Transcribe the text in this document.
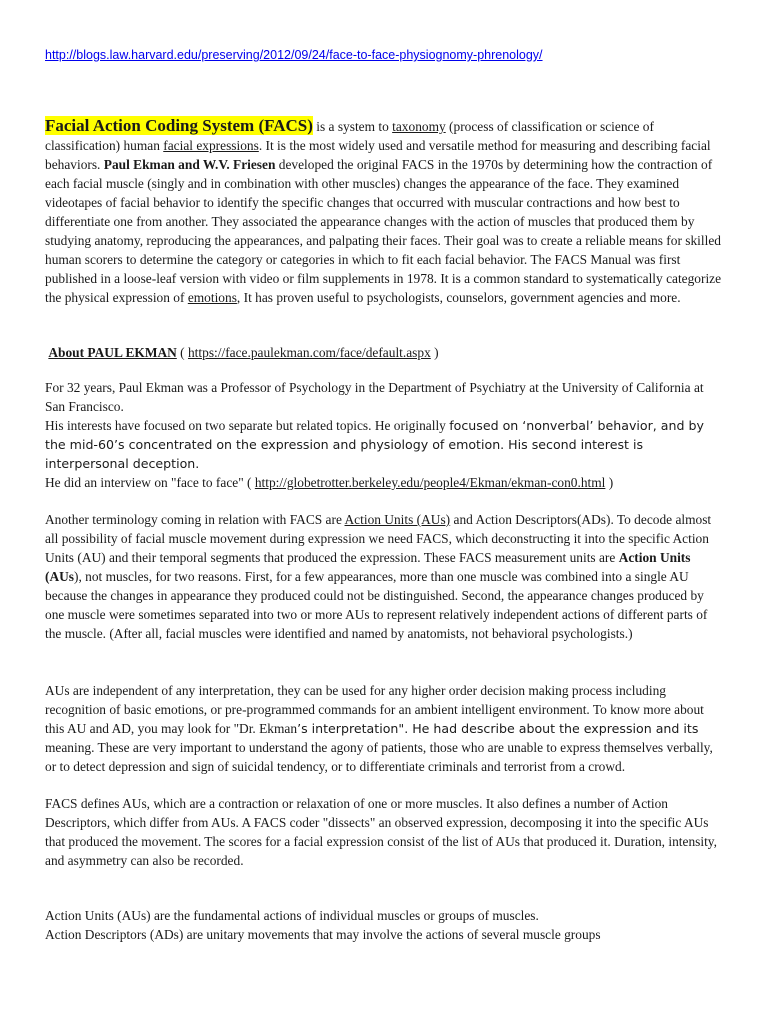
http://blogs.law.harvard.edu/preserving/2012/09/24/face-to-face-physiognomy-phrenology/

Facial Action Coding System (FACS) is a system to taxonomy (process of classification or science of classification) human facial expressions. It is the most widely used and versatile method for measuring and describing facial behaviors. Paul Ekman and W.V. Friesen developed the original FACS in the 1970s by determining how the contraction of each facial muscle (singly and in combination with other muscles) changes the appearance of the face. They examined videotapes of facial behavior to identify the specific changes that occurred with muscular contractions and how best to differentiate one from another. They associated the appearance changes with the action of muscles that produced them by studying anatomy, reproducing the appearances, and palpating their faces. Their goal was to create a reliable means for skilled human scorers to determine the category or categories in which to fit each facial behavior. The FACS Manual was first published in a loose-leaf version with video or film supplements in 1978. It is a common standard to systematically categorize the physical expression of emotions, It has proven useful to psychologists, counselors, government agencies and more.

About PAUL EKMAN ( https://face.paulekman.com/face/default.aspx )

For 32 years, Paul Ekman was a Professor of Psychology in the Department of Psychiatry at the University of California at San Francisco.
His interests have focused on two separate but related topics. He originally focused on ‘nonverbal’ behavior, and by the mid-60’s concentrated on the expression and physiology of emotion. His second interest is interpersonal deception.
He did an interview on "face to face" ( http://globetrotter.berkeley.edu/people4/Ekman/ekman-con0.html )

Another terminology coming in relation with FACS are Action Units (AUs) and Action Descriptors(ADs). To decode almost all possibility of facial muscle movement during expression we need FACS, which deconstructing it into the specific Action Units (AU) and their temporal segments that produced the expression. These FACS measurement units are Action Units (AUs), not muscles, for two reasons. First, for a few appearances, more than one muscle was combined into a single AU because the changes in appearance they produced could not be distinguished. Second, the appearance changes produced by one muscle were sometimes separated into two or more AUs to represent relatively independent actions of different parts of the muscle. (After all, facial muscles were identified and named by anatomists, not behavioral psychologists.)

AUs are independent of any interpretation, they can be used for any higher order decision making process including recognition of basic emotions, or pre-programmed commands for an ambient intelligent environment. To know more about this AU and AD, you may look for "Dr. Ekman’s interpretation". He had describe about the expression and its meaning. These are very important to understand the agony of patients, those who are unable to express themselves verbally, or to detect depression and sign of suicidal tendency, or to differentiate criminals and terrorist from a crowd.

FACS defines AUs, which are a contraction or relaxation of one or more muscles. It also defines a number of Action Descriptors, which differ from AUs. A FACS coder "dissects" an observed expression, decomposing it into the specific AUs that produced the movement. The scores for a facial expression consist of the list of AUs that produced it. Duration, intensity, and asymmetry can also be recorded.

Action Units (AUs) are the fundamental actions of individual muscles or groups of muscles.
Action Descriptors (ADs) are unitary movements that may involve the actions of several muscle groups
